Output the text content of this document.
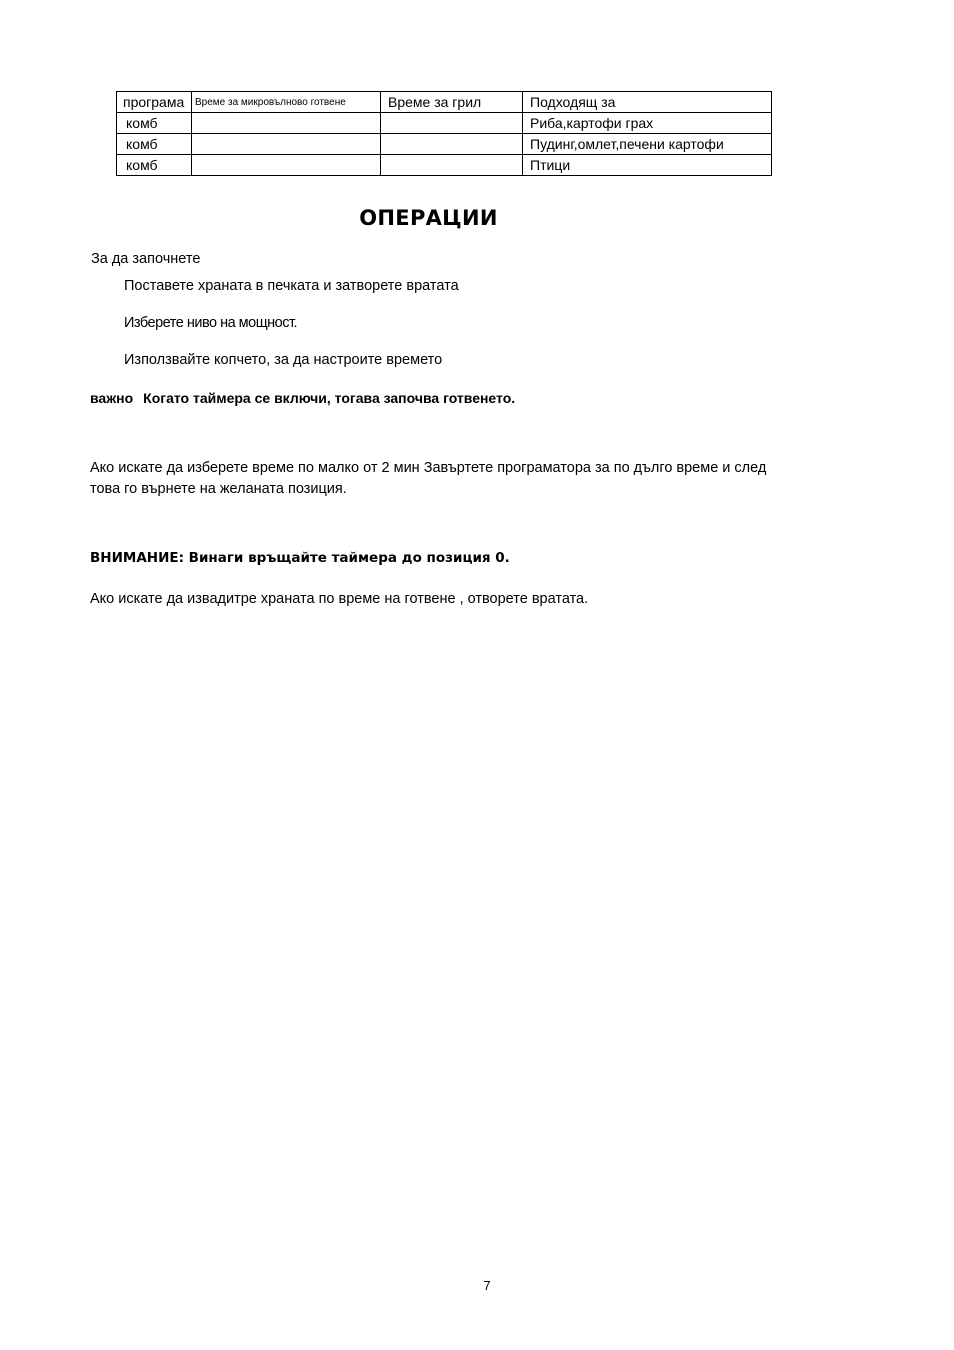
програма	Време за микровълново готвене	Време за грил	Подходящ за
комб			Риба,картофи грах
комб			Пудинг,омлет,печени картофи
комб			Птици
ОПЕРАЦИИ
За да започнете
Поставете храната в печката и затворете вратата
Изберете ниво на мощност.
Използвайте копчето, за да настроите времето
важно Когато таймера се включи, тогава започва готвенето.
Ако искате да изберете време по малко от 2 мин Завъртете програматора за по дълго време и след това го върнете на желаната позиция.
ВНИМАНИЕ: Винаги връщайте таймера до позиция 0.
Ако искате да извадитре храната по време на готвене , отворете вратата.
7
